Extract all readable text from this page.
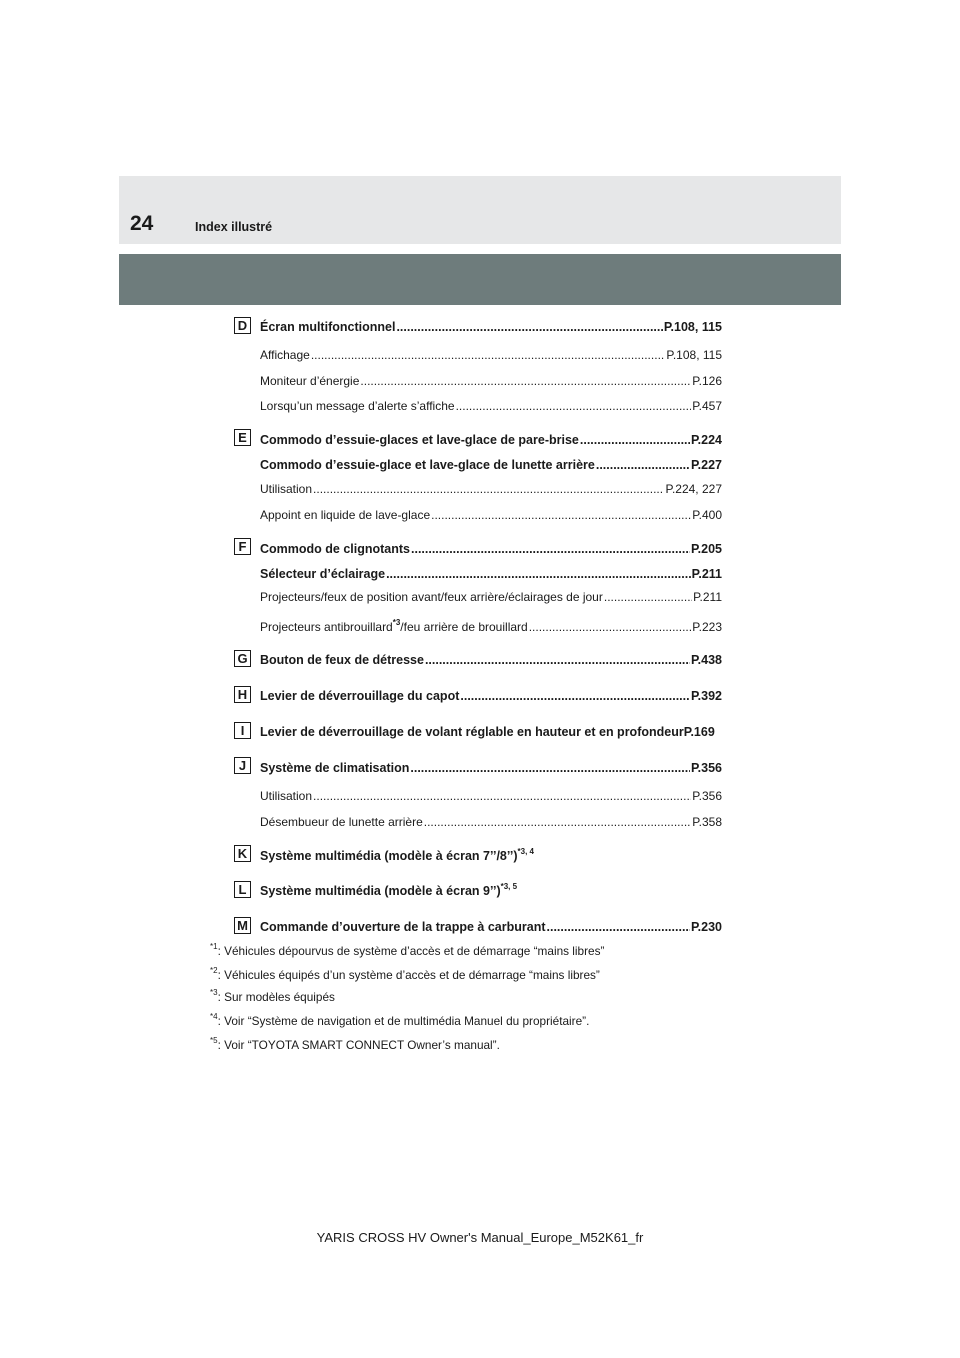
24	Index illustré
D	Écran multifonctionnel .....	P.108, 115
Affichage .....	P.108, 115
Moniteur d’énergie .....	P.126
Lorsqu’un message d’alerte s’affiche .....	P.457
E	Commodo d’essuie-glaces et lave-glace de pare-brise .....	P.224
Commodo d’essuie-glace et lave-glace de lunette arrière .....	P.227
Utilisation .....	P.224, 227
Appoint en liquide de lave-glace .....	P.400
F	Commodo de clignotants .....	P.205
Sélecteur d’éclairage .....	P.211
Projecteurs/feux de position avant/feux arrière/éclairages de jour .....	P.211
Projecteurs antibrouillard$^{*3}$/feu arrière de brouillard .....	P.223
G Bouton de feux de détresse .....	P.438
H	Levier de déverrouillage du capot .....	P.392
I	Levier de déverrouillage de volant réglable en hauteur et en profondeur P.169
J	Système de climatisation .....	P.356
Utilisation .....	P.356
Désembueur de lunette arrière .....	P.358
K	Système multimédia (modèle à écran 7’’/8’’)$^{*3, 4}$
L	Système multimédia (modèle à écran 9’’)$^{*3, 5}$
M Commande d’ouverture de la trappe à carburant .....	P.230
$^{*1}$: Véhicules dépourvus de système d’accès et de démarrage “mains libres”
$^{*2}$: Véhicules équipés d’un système d’accès et de démarrage “mains libres”
$^{*3}$: Sur modèles équipés
$^{*4}$: Voir “Système de navigation et de multimédia Manuel du propriétaire”.
$^{*5}$: Voir “TOYOTA SMART CONNECT Owner’s manual”.
YARIS CROSS HV Owner's Manual_Europe_M52K61_fr
